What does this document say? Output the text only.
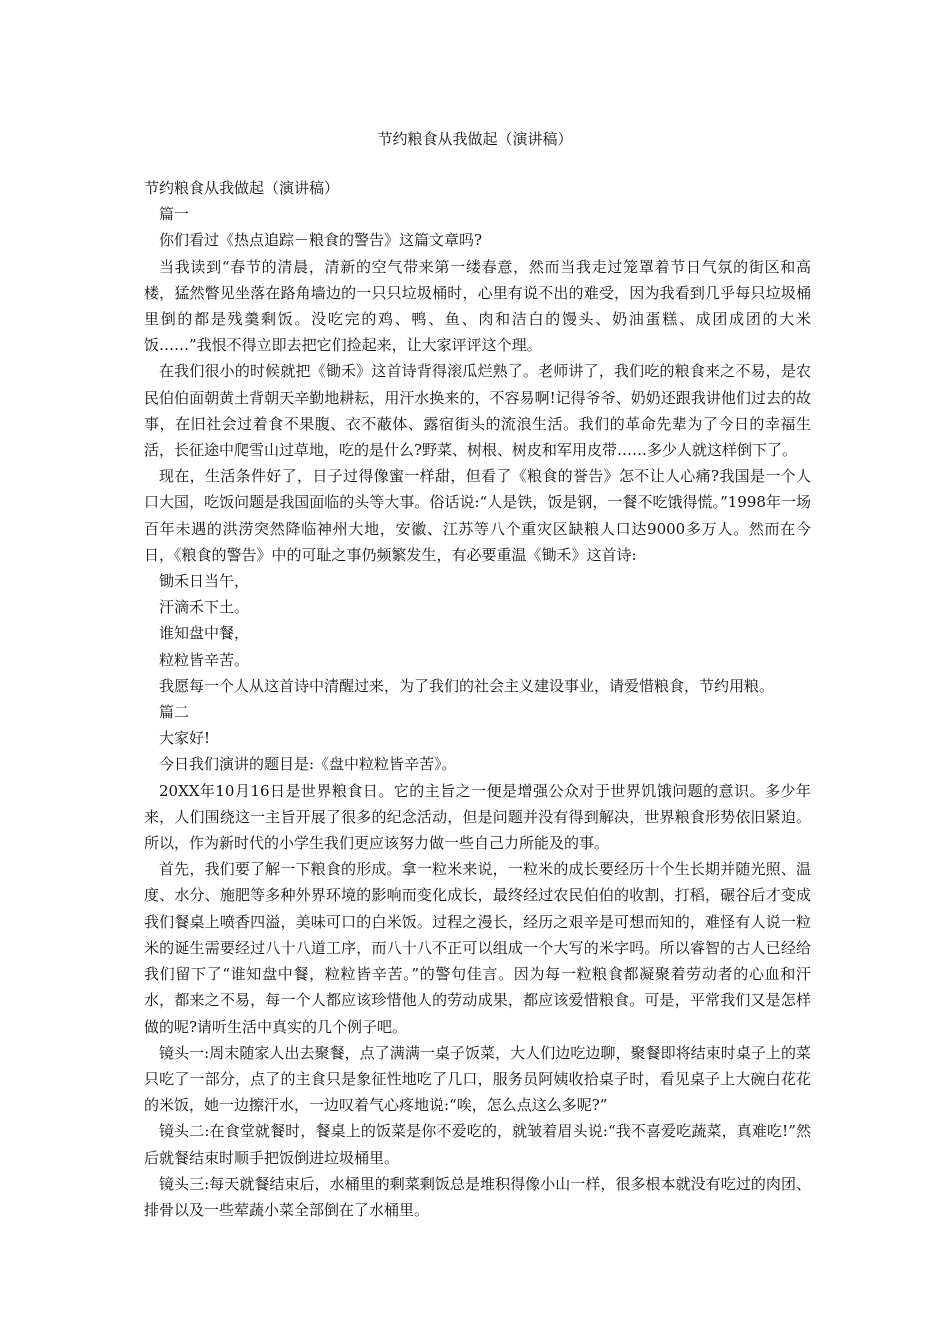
节约粮食从我做起（演讲稿）

节约粮食从我做起（演讲稿）

篇一

你们看过《热点追踪－粮食的警告》这篇文章吗?

当我读到“春节的清晨，清新的空气带来第一缕春意，然而当我走过笼罩着节日气氛的街区和高楼，猛然瞥见坐落在路角墙边的一只只垃圾桶时，心里有说不出的难受，因为我看到几乎每只垃圾桶里倒的都是残羹剩饭。没吃完的鸡、鸭、鱼、肉和洁白的馒头、奶油蛋糕、成团成团的大米饭……”我恨不得立即去把它们捡起来，让大家评评这个理。

在我们很小的时候就把《锄禾》这首诗背得滚瓜烂熟了。老师讲了，我们吃的粮食来之不易，是农民伯伯面朝黄土背朝天辛勤地耕耘，用汗水换来的，不容易啊!记得爷爷、奶奶还跟我讲他们过去的故事，在旧社会过着食不果腹、衣不蔽体、露宿街头的流浪生活。我们的革命先辈为了今日的幸福生活，长征途中爬雪山过草地，吃的是什么?野菜、树根、树皮和军用皮带……多少人就这样倒下了。

现在，生活条件好了，日子过得像蜜一样甜，但看了《粮食的誉告》怎不让人心痛?我国是一个人口大国，吃饭问题是我国面临的头等大事。俗话说:“人是铁，饭是钢，一餐不吃饿得慌。”1998年一场百年未遇的洪涝突然降临神州大地，安徽、江苏等八个重灾区缺粮人口达9000多万人。然而在今日，《粮食的警告》中的可耻之事仍频繁发生，有必要重温《锄禾》这首诗:

锄禾日当午，

汗滴禾下土。

谁知盘中餐，

粒粒皆辛苦。

我愿每一个人从这首诗中清醒过来，为了我们的社会主义建设事业，请爱惜粮食，节约用粮。

篇二

大家好!

今日我们演讲的题目是:《盘中粒粒皆辛苦》。

20XX年10月16日是世界粮食日。它的主旨之一便是增强公众对于世界饥饿问题的意识。多少年来，人们围绕这一主旨开展了很多的纪念活动，但是问题并没有得到解决，世界粮食形势依旧紧迫。所以，作为新时代的小学生我们更应该努力做一些自己力所能及的事。

首先，我们要了解一下粮食的形成。拿一粒米来说，一粒米的成长要经历十个生长期并随光照、温度、水分、施肥等多种外界环境的影响而变化成长，最终经过农民伯伯的收割，打稻，碾谷后才变成我们餐桌上喷香四溢，美味可口的白米饭。过程之漫长，经历之艰辛是可想而知的，难怪有人说一粒米的诞生需要经过八十八道工序，而八十八不正可以组成一个大写的米字吗。所以睿智的古人已经给我们留下了“谁知盘中餐，粒粒皆辛苦。”的警句佳言。因为每一粒粮食都凝聚着劳动者的心血和汗水，都来之不易，每一个人都应该珍惜他人的劳动成果，都应该爱惜粮食。可是，平常我们又是怎样做的呢?请听生活中真实的几个例子吧。

镜头一:周末随家人出去聚餐，点了满满一桌子饭菜，大人们边吃边聊，聚餐即将结束时桌子上的菜只吃了一部分，点了的主食只是象征性地吃了几口，服务员阿姨收拾桌子时，看见桌子上大碗白花花的米饭，她一边擦汗水，一边叹着气心疼地说:“唉，怎么点这么多呢?”

镜头二:在食堂就餐时，餐桌上的饭菜是你不爱吃的，就皱着眉头说:“我不喜爱吃蔬菜，真难吃!”然后就餐结束时顺手把饭倒进垃圾桶里。

镜头三:每天就餐结束后，水桶里的剩菜剩饭总是堆积得像小山一样，很多根本就没有吃过的肉团、排骨以及一些荤蔬小菜全部倒在了水桶里。
